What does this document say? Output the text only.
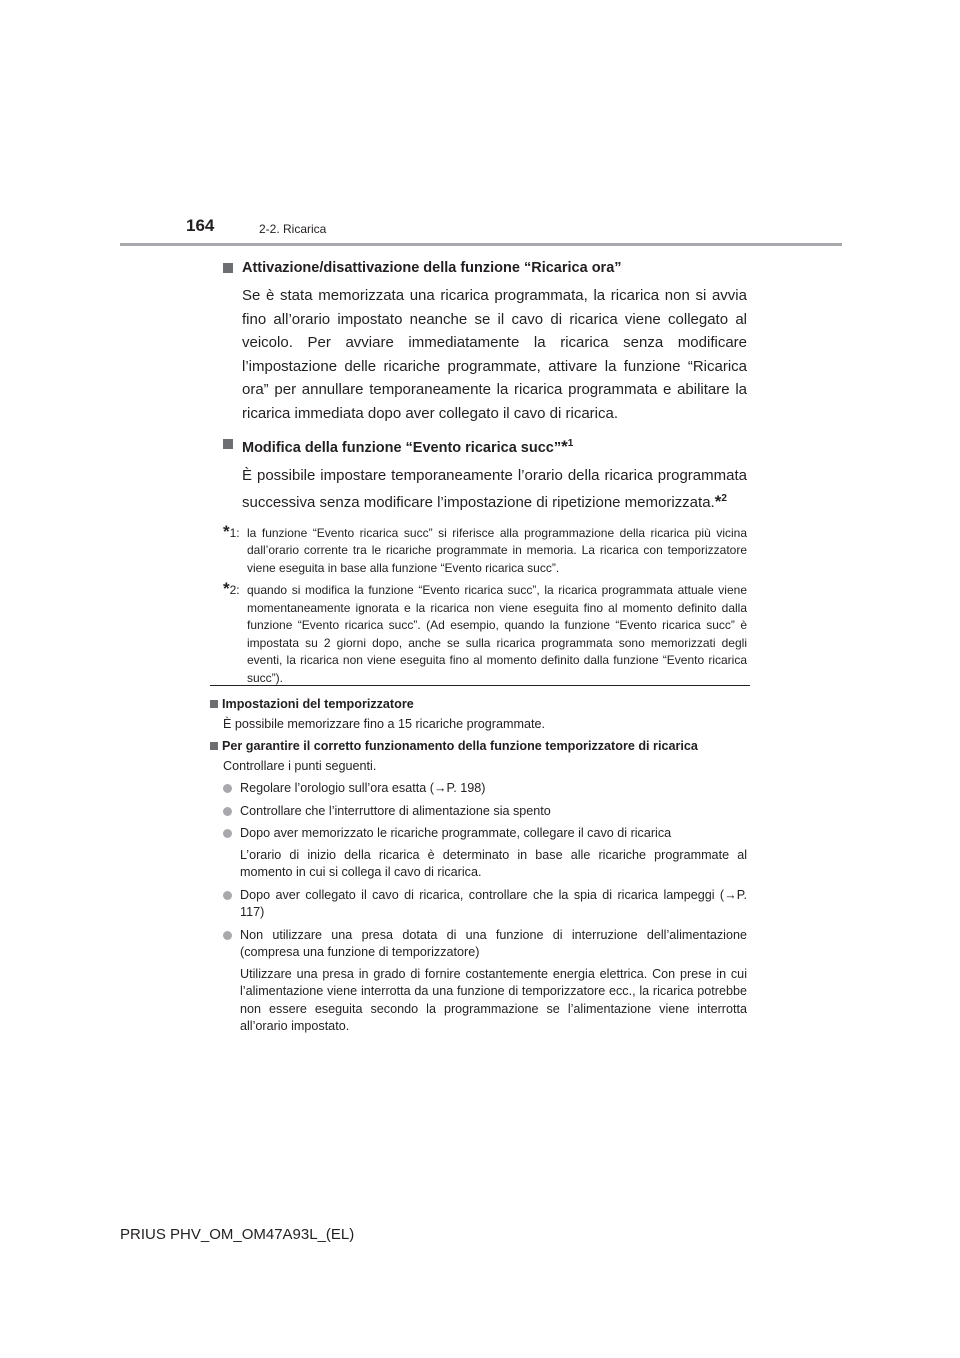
164	2-2. Ricarica
Attivazione/disattivazione della funzione “Ricarica ora”
Se è stata memorizzata una ricarica programmata, la ricarica non si avvia fino all’orario impostato neanche se il cavo di ricarica viene collegato al veicolo. Per avviare immediatamente la ricarica senza modificare l’impostazione delle ricariche programmate, attivare la funzione “Ricarica ora” per annullare temporaneamente la ricarica programmata e abilitare la ricarica immediata dopo aver collegato il cavo di ricarica.
Modifica della funzione “Evento ricarica succ”*$^1$
È possibile impostare temporaneamente l’orario della ricarica programmata successiva senza modificare l’impostazione di ripetizione memorizzata.*$^2$
*1: la funzione “Evento ricarica succ” si riferisce alla programmazione della ricarica più vicina dall’orario corrente tra le ricariche programmate in memoria. La ricarica con temporizzatore viene eseguita in base alla funzione “Evento ricarica succ”.
*2: quando si modifica la funzione “Evento ricarica succ”, la ricarica programmata attuale viene momentaneamente ignorata e la ricarica non viene eseguita fino al momento definito dalla funzione “Evento ricarica succ”. (Ad esempio, quando la funzione “Evento ricarica succ” è impostata su 2 giorni dopo, anche se sulla ricarica programmata sono memorizzati degli eventi, la ricarica non viene eseguita fino al momento definito dalla funzione “Evento ricarica succ”).
Impostazioni del temporizzatore
È possibile memorizzare fino a 15 ricariche programmate.
Per garantire il corretto funzionamento della funzione temporizzatore di ricarica
Controllare i punti seguenti.
Regolare l’orologio sull’ora esatta (→P. 198)
Controllare che l’interruttore di alimentazione sia spento
Dopo aver memorizzato le ricariche programmate, collegare il cavo di ricarica
L’orario di inizio della ricarica è determinato in base alle ricariche programmate al momento in cui si collega il cavo di ricarica.
Dopo aver collegato il cavo di ricarica, controllare che la spia di ricarica lampeggi (→P. 117)
Non utilizzare una presa dotata di una funzione di interruzione dell’alimentazione (compresa una funzione di temporizzatore)
Utilizzare una presa in grado di fornire costantemente energia elettrica. Con prese in cui l’alimentazione viene interrotta da una funzione di temporizzatore ecc., la ricarica potrebbe non essere eseguita secondo la programmazione se l’alimentazione viene interrotta all’orario impostato.
PRIUS PHV_OM_OM47A93L_(EL)
